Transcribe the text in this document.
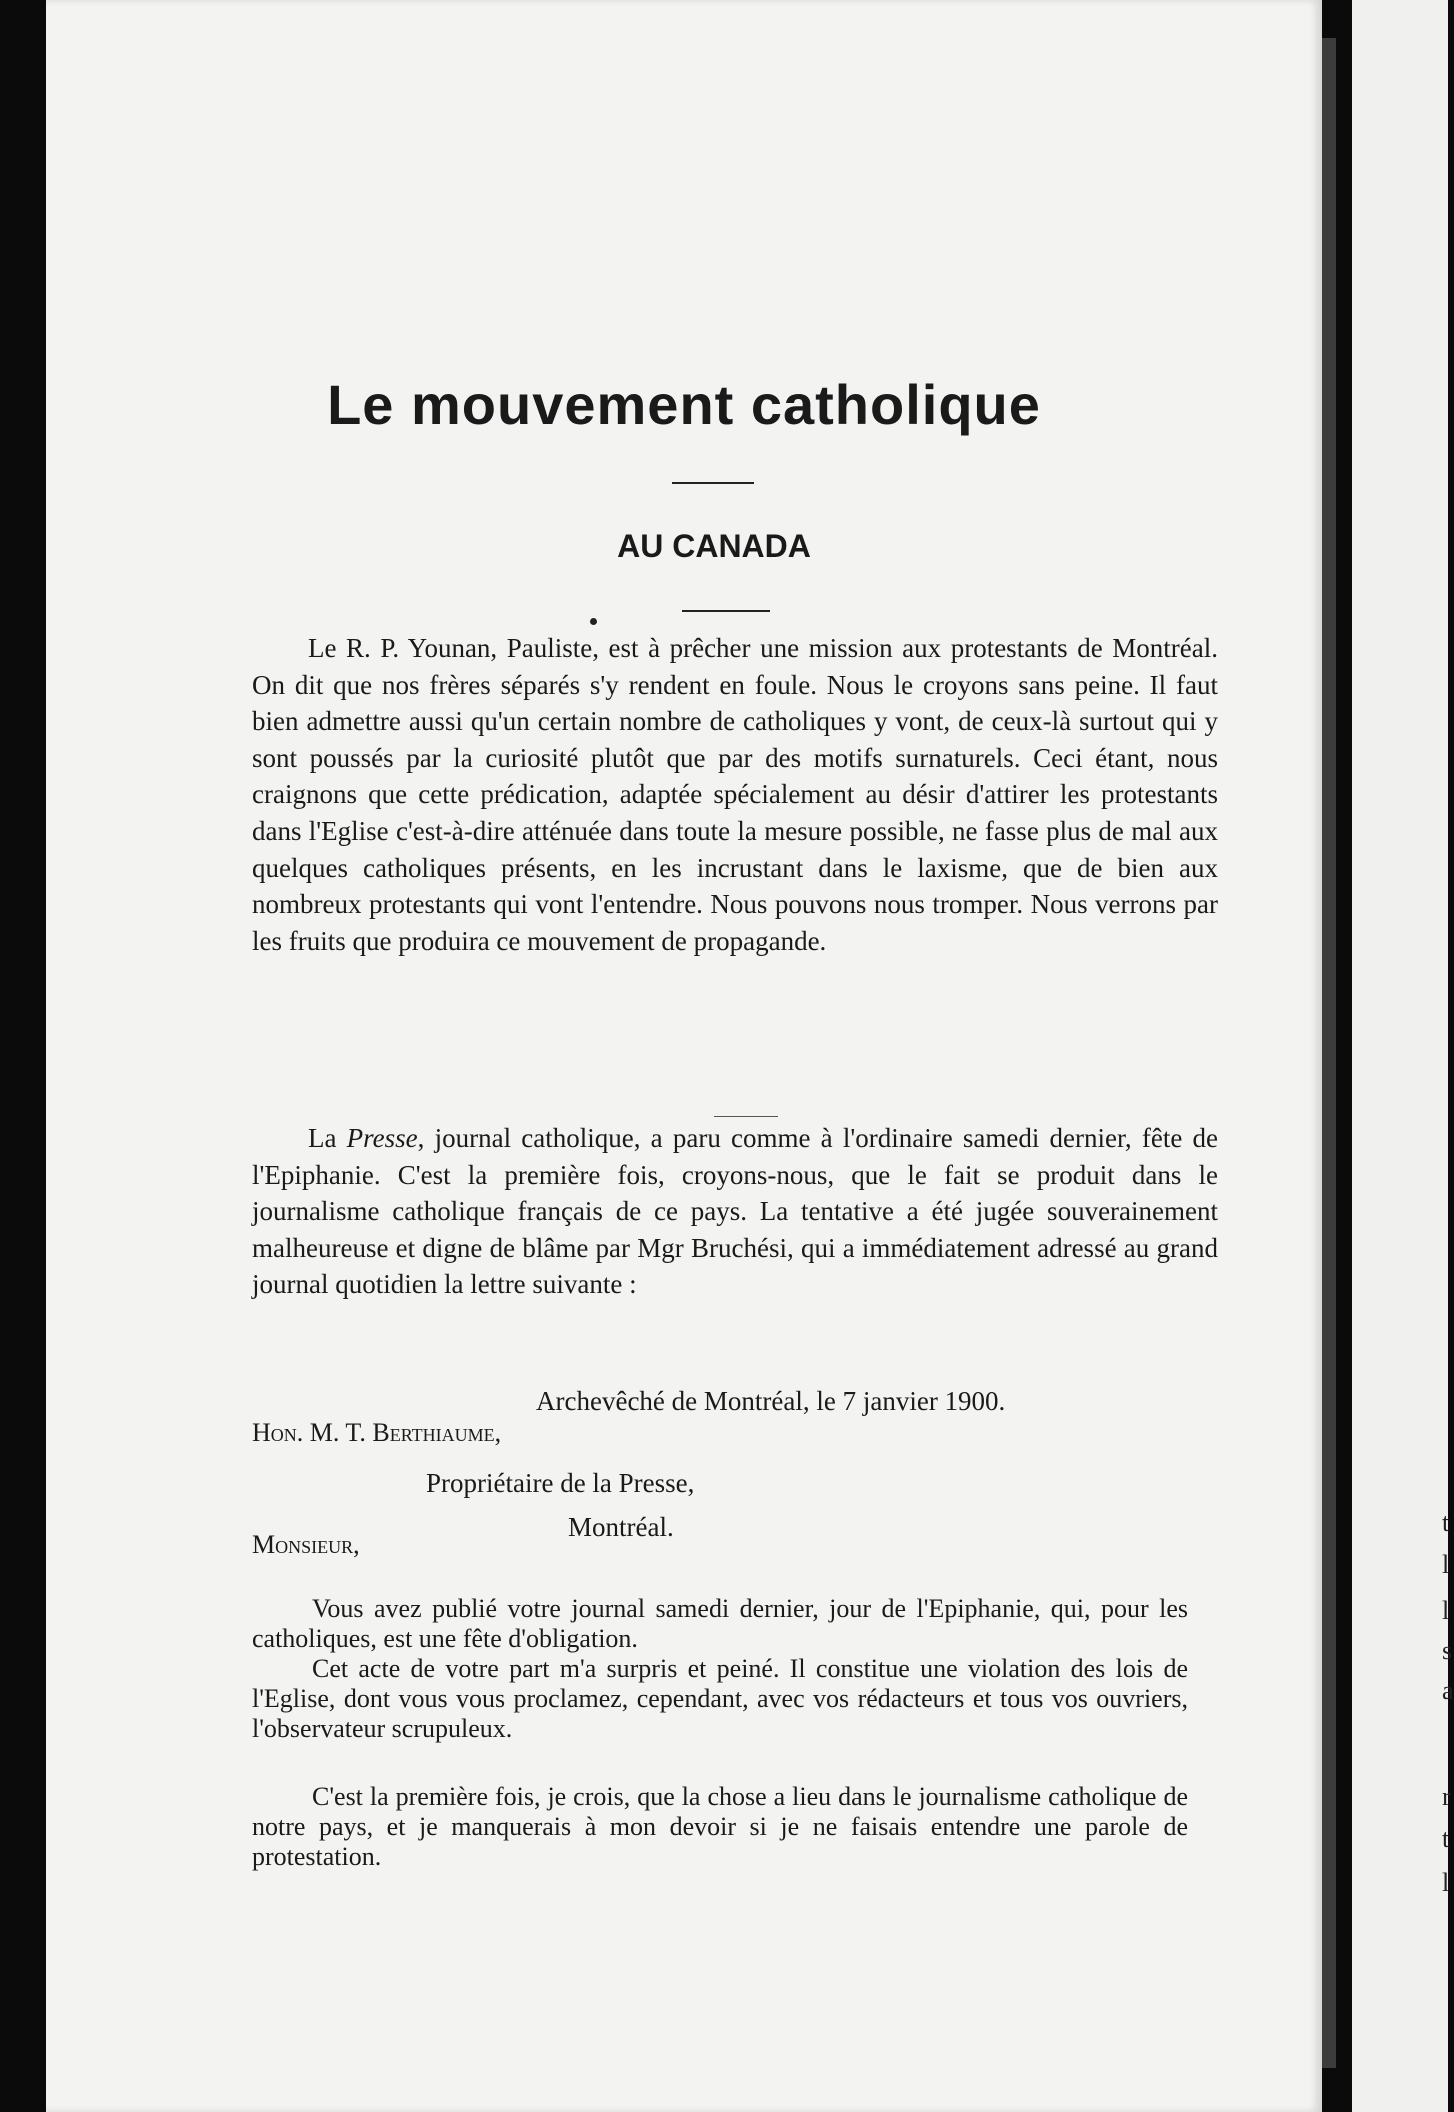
Le mouvement catholique
AU CANADA

Le R. P. Younan, Pauliste, est à prêcher une mission aux protestants de Montréal. On dit que nos frères séparés s'y rendent en foule. Nous le croyons sans peine. Il faut bien admettre aussi qu'un certain nombre de catholiques y vont, de ceux-là surtout qui y sont poussés par la curiosité plutôt que par des motifs surnaturels. Ceci étant, nous craignons que cette prédication, adaptée spécialement au désir d'attirer les protestants dans l'Eglise c'est-à-dire atténuée dans toute la mesure possible, ne fasse plus de mal aux quelques catholiques présents, en les incrustant dans le laxisme, que de bien aux nombreux protestants qui vont l'entendre. Nous pouvons nous tromper. Nous verrons par les fruits que produira ce mouvement de propagande.

La Presse, journal catholique, a paru comme à l'ordinaire samedi dernier, fête de l'Epiphanie. C'est la première fois, croyons-nous, que le fait se produit dans le journalisme catholique français de ce pays. La tentative a été jugée souverainement malheureuse et digne de blâme par Mgr Bruchési, qui a immédiatement adressé au grand journal quotidien la lettre suivante :

Archevêché de Montréal, le 7 janvier 1900.

Hon. M. T. Berthiaume,

Propriétaire de la Presse,

Montréal.

Monsieur,

Vous avez publié votre journal samedi dernier, jour de l'Epiphanie, qui, pour les catholiques, est une fête d'obligation.

Cet acte de votre part m'a surpris et peiné. Il constitue une violation des lois de l'Eglise, dont vous vous proclamez, cependant, avec vos rédacteurs et tous vos ouvriers, l'observateur scrupuleux.

C'est la première fois, je crois, que la chose a lieu dans le journalisme catholique de notre pays, et je manquerais à mon devoir si je ne faisais entendre une parole de protestation.

t
l
l
s
a
r
t
l
